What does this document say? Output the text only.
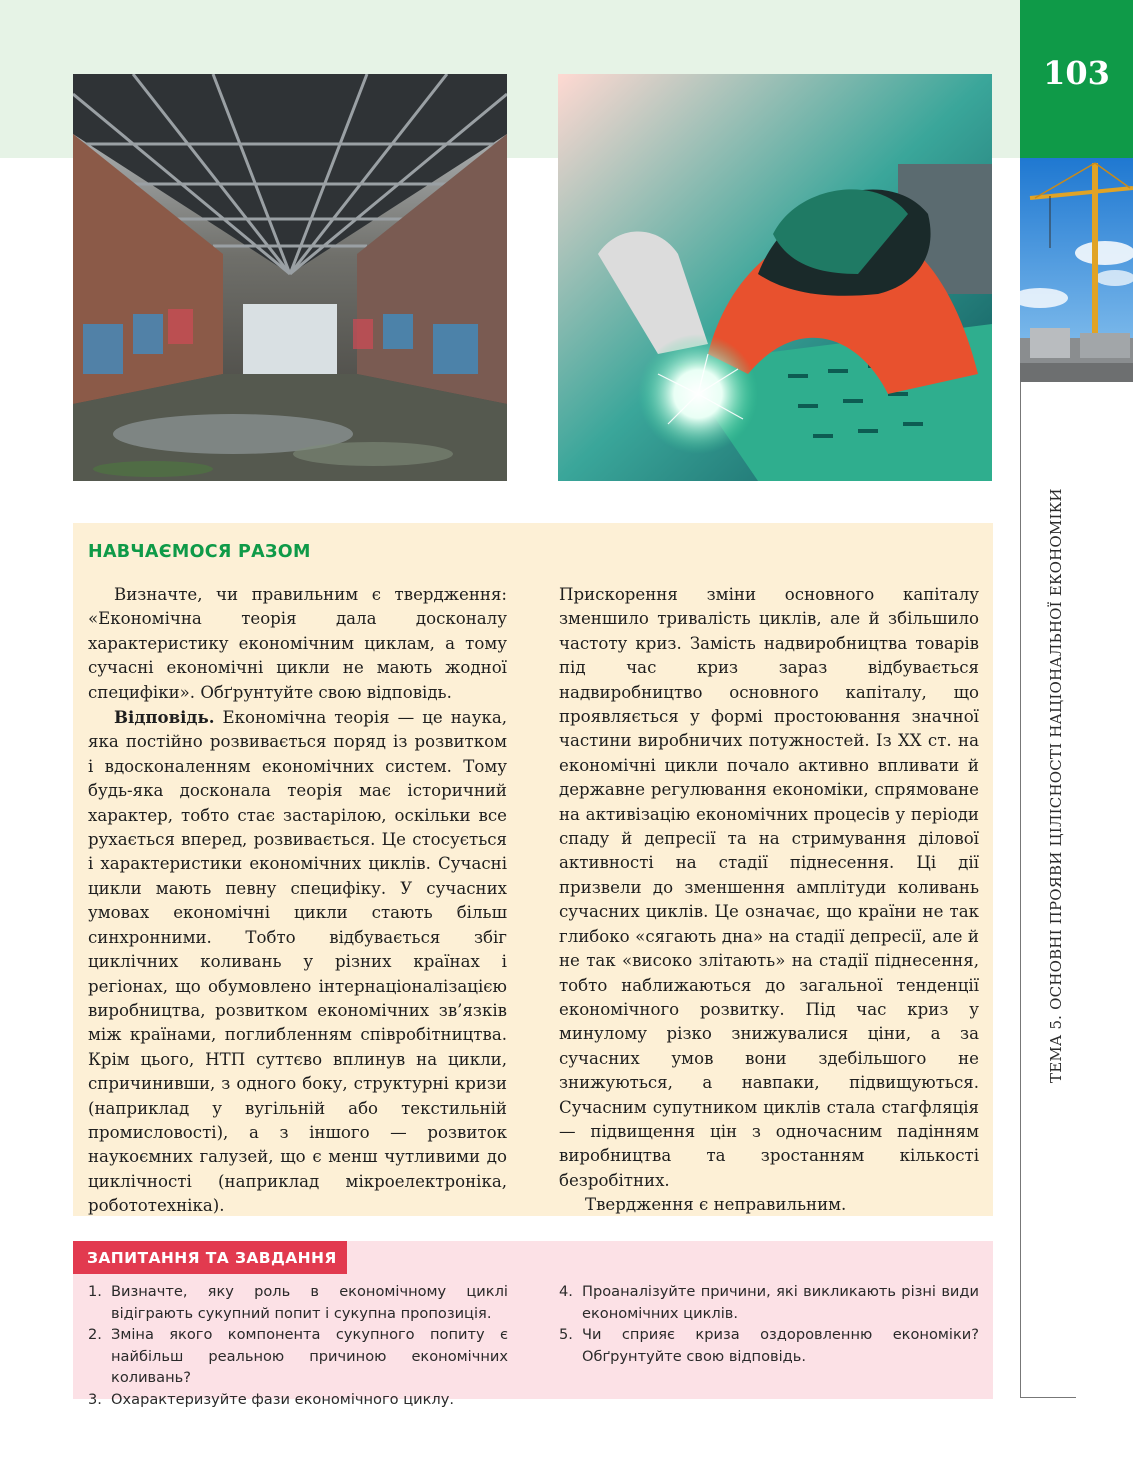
103
ТЕМА 5. ОСНОВНІ ПРОЯВИ ЦІЛІСНОСТІ НАЦІОНАЛЬНОЇ ЕКОНОМІКИ
НАВЧАЄМОСЯ РАЗОМ

Визначте, чи правильним є твердження: «Економічна теорія дала досконалу характеристику економічним циклам, а тому сучасні економічні цикли не мають жодної специфіки». Обґрунтуйте свою відповідь.

Відповідь. Економічна теорія — це наука, яка постійно розвивається поряд із розвитком і вдосконаленням економічних систем. Тому будь-яка досконала теорія має історичний характер, тобто стає застарілою, оскільки все рухається вперед, розвивається. Це стосується і характеристики економічних циклів. Сучасні цикли мають певну специфіку. У сучасних умовах економічні цикли стають більш синхронними. Тобто відбувається збіг циклічних коливань у різних країнах і регіонах, що обумовлено інтернаціоналізацією виробництва, розвитком економічних зв’язків між країнами, поглибленням співробітництва. Крім цього, НТП суттєво вплинув на цикли, спричинивши, з одного боку, структурні кризи (наприклад у вугільній або текстильній промисловості), а з іншого — розвиток наукоємних галузей, що є менш чутливими до циклічності (наприклад мікроелектроніка, робототехніка).

Прискорення зміни основного капіталу зменшило тривалість циклів, але й збільшило частоту криз. Замість надвиробництва товарів під час криз зараз відбувається надвиробництво основного капіталу, що проявляється у формі простоювання значної частини виробничих потужностей. Із XX ст. на економічні цикли почало активно впливати й державне регулювання економіки, спрямоване на активізацію економічних процесів у періоди спаду й депресії та на стримування ділової активності на стадії піднесення. Ці дії призвели до зменшення амплітуди коливань сучасних циклів. Це означає, що країни не так глибоко «сягають дна» на стадії депресії, але й не так «високо злітають» на стадії піднесення, тобто наближаються до загальної тенденції економічного розвитку. Під час криз у минулому різко знижувалися ціни, а за сучасних умов вони здебільшого не знижуються, а навпаки, підвищуються. Сучасним супутником циклів стала стагфляція — підвищення цін з одночасним падінням виробництва та зростанням кількості безробітних.

Твердження є неправильним.

ЗАПИТАННЯ ТА ЗАВДАННЯ
1. Визначте, яку роль в економічному циклі відіграють сукупний попит і сукупна пропозиція.
2. Зміна якого компонента сукупного попиту є найбільш реальною причиною економічних коливань?
3. Охарактеризуйте фази економічного циклу.
4. Проаналізуйте причини, які викликають різні види економічних циклів.
5. Чи сприяє криза оздоровленню економіки? Обґрунтуйте свою відповідь.
